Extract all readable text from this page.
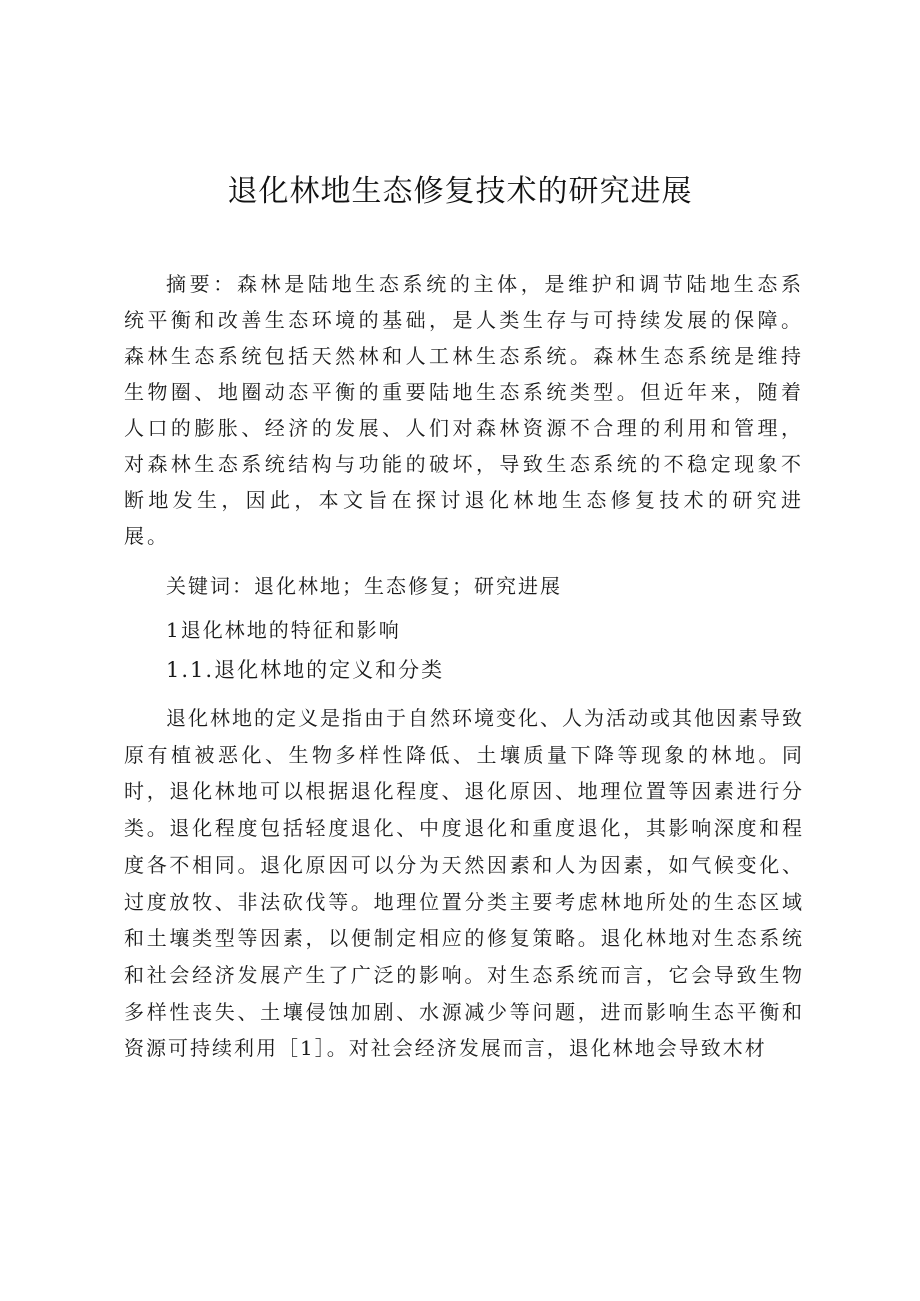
退化林地生态修复技术的研究进展

摘要：森林是陆地生态系统的主体，是维护和调节陆地生态系统平衡和改善生态环境的基础，是人类生存与可持续发展的保障。森林生态系统包括天然林和人工林生态系统。森林生态系统是维持生物圈、地圈动态平衡的重要陆地生态系统类型。但近年来，随着人口的膨胀、经济的发展、人们对森林资源不合理的利用和管理，对森林生态系统结构与功能的破坏，导致生态系统的不稳定现象不断地发生，因此，本文旨在探讨退化林地生态修复技术的研究进展。

关键词：退化林地；生态修复；研究进展

1退化林地的特征和影响

1.1.退化林地的定义和分类

退化林地的定义是指由于自然环境变化、人为活动或其他因素导致原有植被恶化、生物多样性降低、土壤质量下降等现象的林地。同时，退化林地可以根据退化程度、退化原因、地理位置等因素进行分类。退化程度包括轻度退化、中度退化和重度退化，其影响深度和程度各不相同。退化原因可以分为天然因素和人为因素，如气候变化、过度放牧、非法砍伐等。地理位置分类主要考虑林地所处的生态区域和土壤类型等因素，以便制定相应的修复策略。退化林地对生态系统和社会经济发展产生了广泛的影响。对生态系统而言，它会导致生物多样性丧失、土壤侵蚀加剧、水源减少等问题，进而影响生态平衡和资源可持续利用［1］。对社会经济发展而言，退化林地会导致木材
